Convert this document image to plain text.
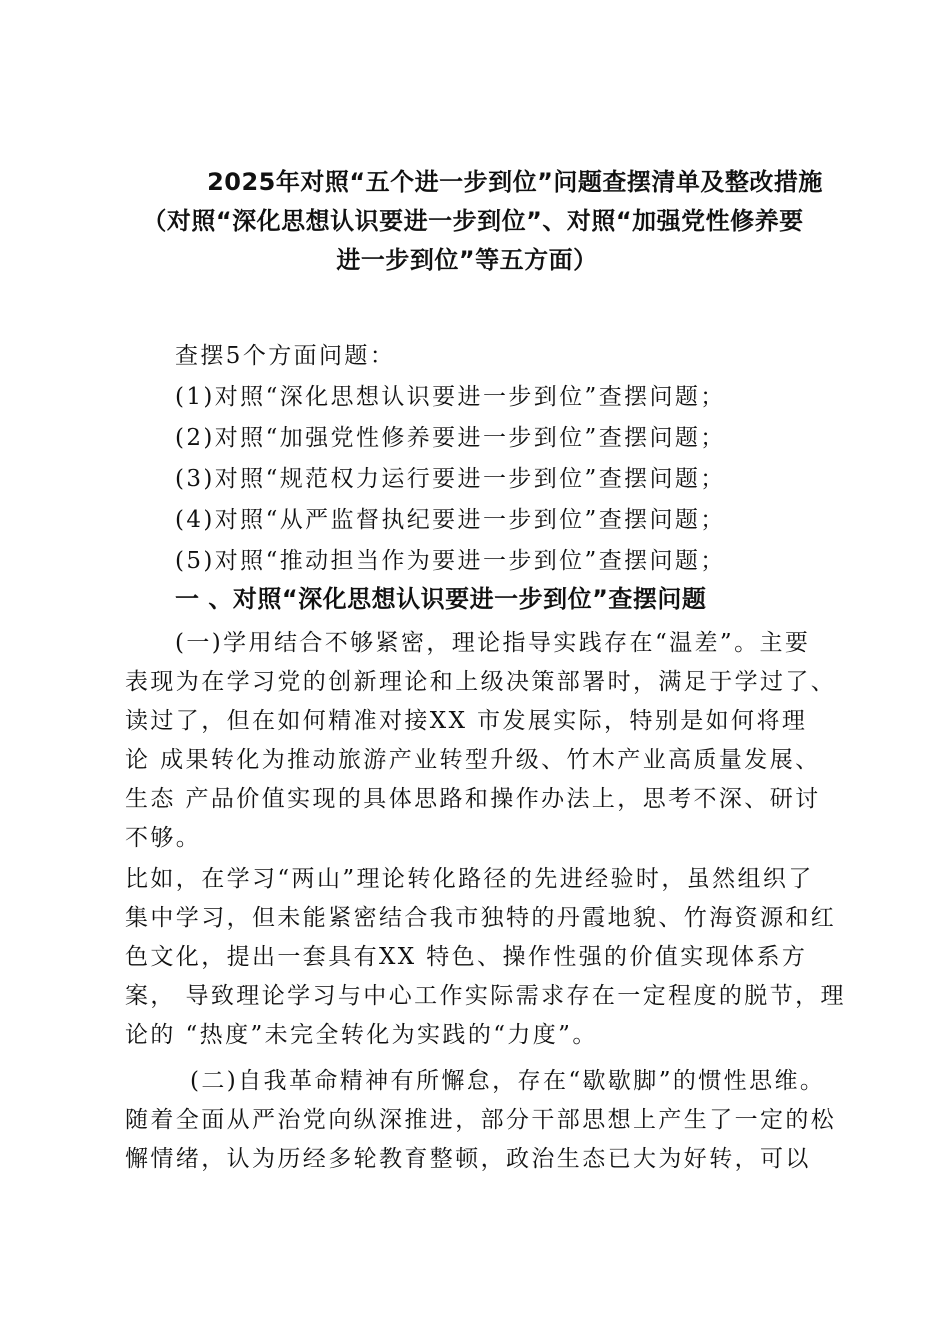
2025年对照“五个进一步到位”问题查摆清单及整改措施
（对照“深化思想认识要进一步到位”、对照“加强党性修养要
进一步到位”等五方面）
查摆5个方面问题：
(1)对照“深化思想认识要进一步到位”查摆问题；
(2)对照“加强党性修养要进一步到位”查摆问题；
(3)对照“规范权力运行要进一步到位”查摆问题；
(4)对照“从严监督执纪要进一步到位”查摆问题；
(5)对照“推动担当作为要进一步到位”查摆问题；
一 、对照“深化思想认识要进一步到位”查摆问题
(一)学用结合不够紧密，理论指导实践存在“温差”。主要
表现为在学习党的创新理论和上级决策部署时，满足于学过了、
读过了，但在如何精准对接XX 市发展实际，特别是如何将理
论 成果转化为推动旅游产业转型升级、竹木产业高质量发展、
生态 产品价值实现的具体思路和操作办法上，思考不深、研讨
不够。
比如，在学习“两山”理论转化路径的先进经验时，虽然组织了
集中学习，但未能紧密结合我市独特的丹霞地貌、竹海资源和红
色文化，提出一套具有XX 特色、操作性强的价值实现体系方
案， 导致理论学习与中心工作实际需求存在一定程度的脱节，理
论的 “热度”未完全转化为实践的“力度”。
(二)自我革命精神有所懈怠，存在“歇歇脚”的惯性思维。
随着全面从严治党向纵深推进，部分干部思想上产生了一定的松
懈情绪，认为历经多轮教育整顿，政治生态已大为好转，可以
